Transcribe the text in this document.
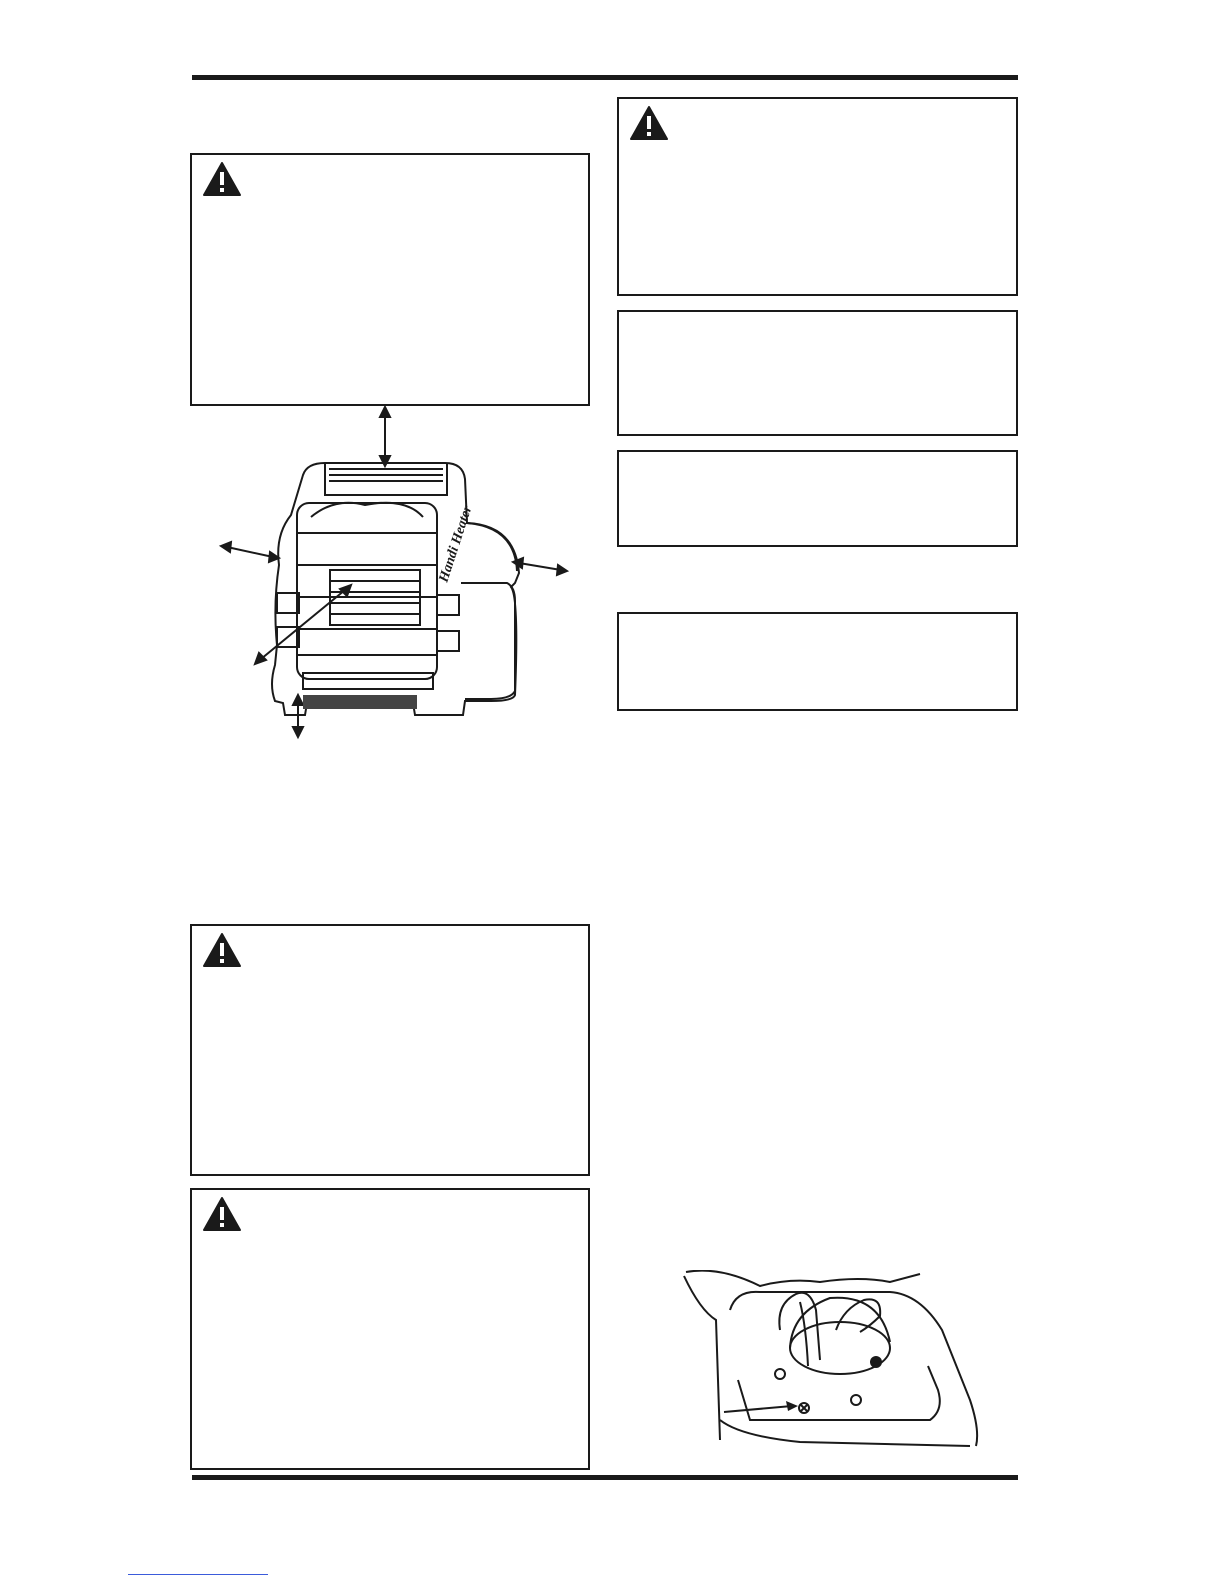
Handi Heater
